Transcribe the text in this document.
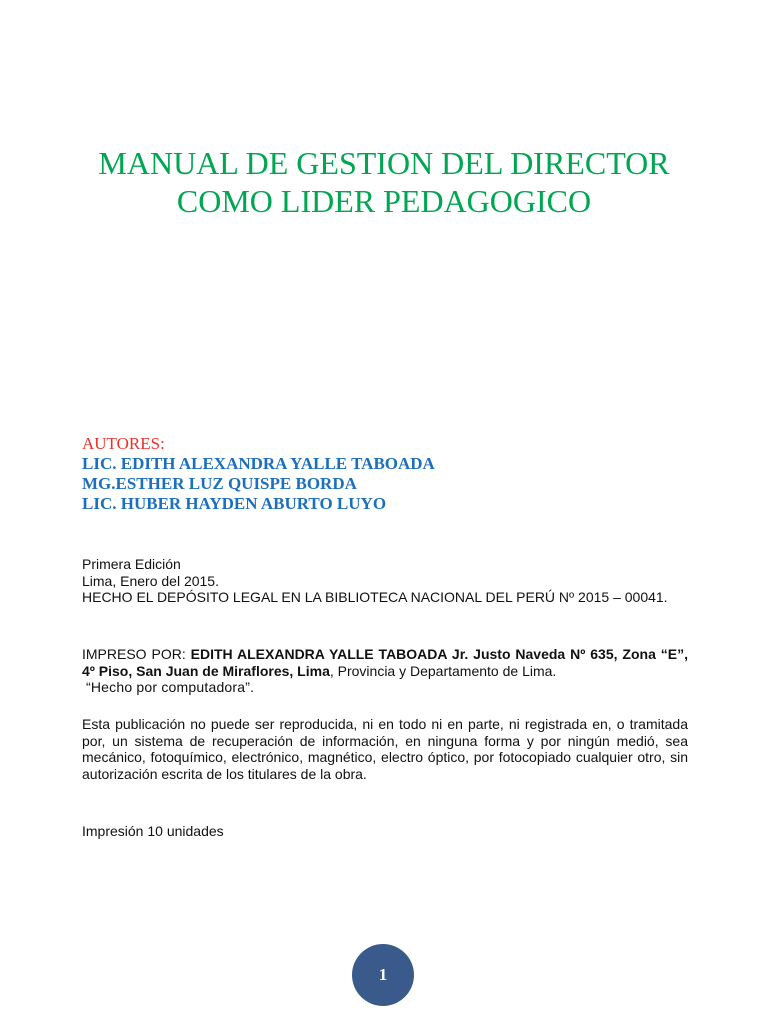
MANUAL DE GESTION DEL DIRECTOR
COMO LIDER PEDAGOGICO
AUTORES:
LIC. EDITH ALEXANDRA YALLE TABOADA
MG.ESTHER LUZ QUISPE BORDA
LIC. HUBER HAYDEN ABURTO LUYO
Primera Edición
Lima, Enero del 2015.
HECHO EL DEPÓSITO LEGAL EN LA BIBLIOTECA NACIONAL DEL PERÚ Nº 2015 – 00041.
IMPRESO POR: EDITH ALEXANDRA YALLE TABOADA Jr. Justo Naveda Nº 635, Zona “E”, 4º Piso, San Juan de Miraflores, Lima, Provincia y Departamento de Lima.
“Hecho por computadora”.
Esta publicación no puede ser reproducida, ni en todo ni en parte, ni registrada en, o tramitada por, un sistema de recuperación de información, en ninguna forma y por ningún medió, sea mecánico, fotoquímico, electrónico, magnético, electro óptico, por fotocopiado cualquier otro, sin autorización escrita de los titulares de la obra.
Impresión 10 unidades
1
